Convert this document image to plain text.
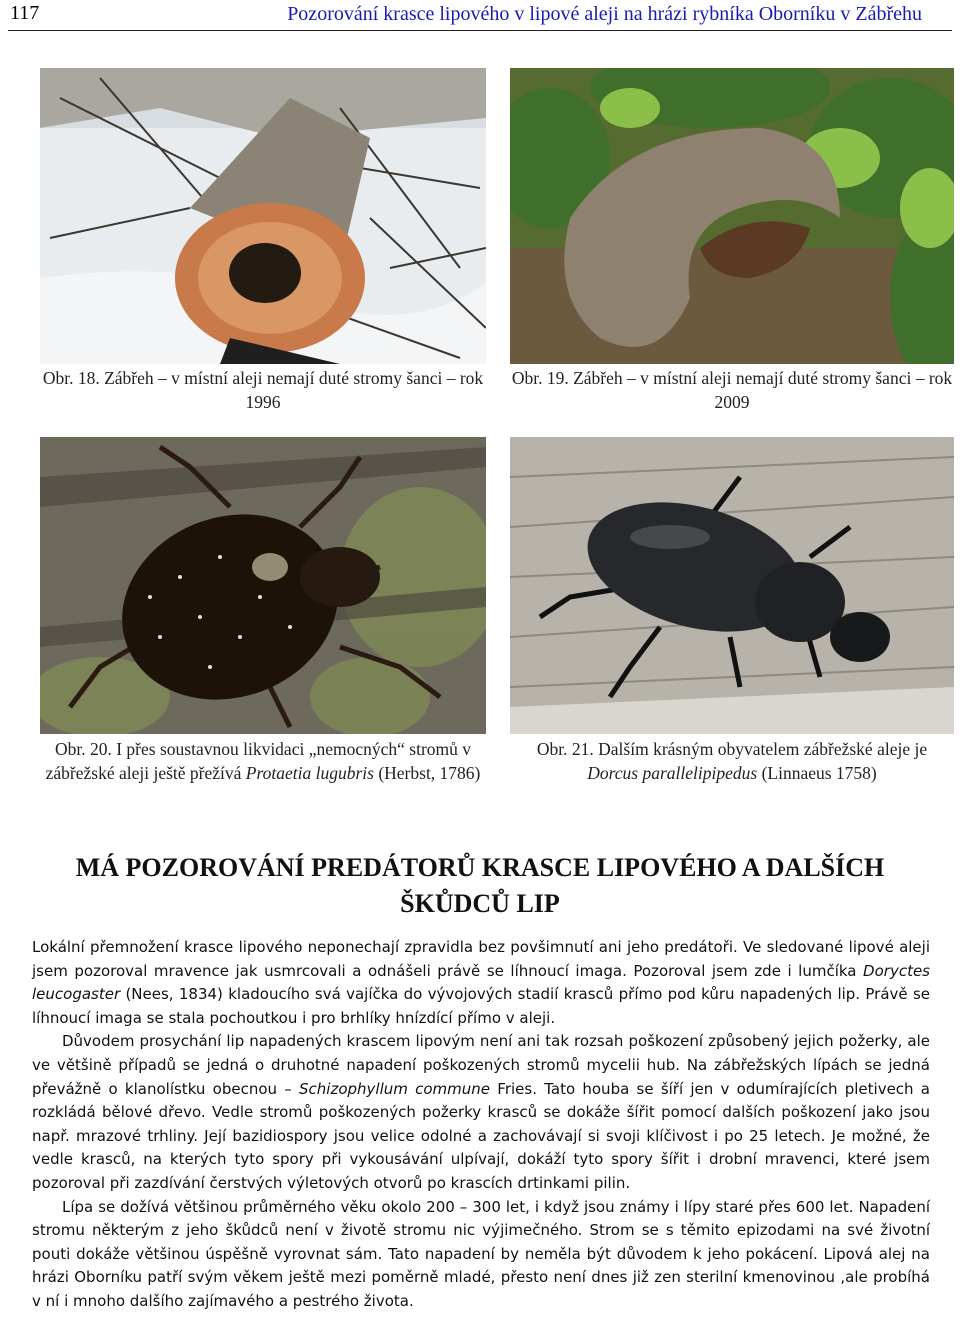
117	Pozorování krasce lipového v lipové aleji na hrázi rybníka Oborníku v Zábřehu
Obr. 18. Zábřeh – v místní aleji nemají duté stromy šanci – rok 1996
Obr. 19. Zábřeh – v místní aleji nemají duté stromy šanci – rok 2009
Obr. 20. I přes soustavnou likvidaci „nemocných“ stromů v zábřežské aleji ještě přežívá Protaetia lugubris (Herbst, 1786)
Obr. 21. Dalším krásným obyvatelem zábřežské aleje je Dorcus parallelipipedus (Linnaeus 1758)
MÁ POZOROVÁNÍ PREDÁTORŮ KRASCE LIPOVÉHO A DALŠÍCH ŠKŮDCŮ LIP

Lokální přemnožení krasce lipového neponechají zpravidla bez povšimnutí ani jeho predátoři. Ve sledované lipové aleji jsem pozoroval mravence jak usmrcovali a odnášeli právě se líhnoucí imaga. Pozoroval jsem zde i lumčíka Doryctes leucogaster (Nees, 1834) kladoucího svá vajíčka do vývojových stadií krasců přímo pod kůru napadených lip. Právě se líhnoucí imaga se stala pochoutkou i pro brhlíky hnízdící přímo v aleji.

Důvodem prosychání lip napadených krascem lipovým není ani tak rozsah poškození způsobený jejich požerky, ale ve většině případů se jedná o druhotné napadení poškozených stromů mycelii hub. Na zábřežských lípách se jedná převážně o klanolístku obecnou – Schizophyllum commune Fries. Tato houba se šíří jen v odumírajících pletivech a rozkládá bělové dřevo. Vedle stromů poškozených požerky krasců se dokáže šířit pomocí dalších poškození jako jsou např. mrazové trhliny. Její bazidiospory jsou velice odolné a zachovávají si svoji klíčivost i po 25 letech. Je možné, že vedle krasců, na kterých tyto spory při vykousávání ulpívají, dokáží tyto spory šířit i drobní mravenci, které jsem pozoroval při zazdívání čerstvých výletových otvorů po krascích drtinkami pilin.

Lípa se dožívá většinou průměrného věku okolo 200 – 300 let, i když jsou známy i lípy staré přes 600 let. Napadení stromu některým z jeho škůdců není v životě stromu nic výjimečného. Strom se s těmito epizodami na své životní pouti dokáže většinou úspěšně vyrovnat sám. Tato napadení by neměla být důvodem k jeho pokácení. Lipová alej na hrázi Oborníku patří svým věkem ještě mezi poměrně mladé, přesto není dnes již zen sterilní kmenovinou ,ale probíhá v ní i mnoho dalšího zajímavého a pestrého života.
